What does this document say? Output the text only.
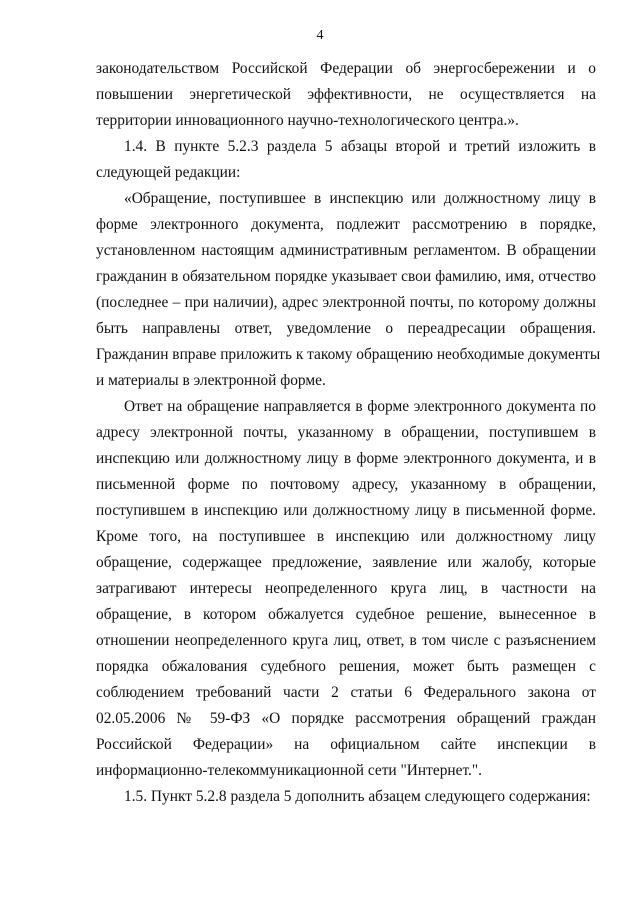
4
законодательством Российской Федерации об энергосбережении и о
повышении энергетической эффективности, не осуществляется на
территории инновационного научно-технологического центра.».
1.4. В пункте 5.2.3 раздела 5 абзацы второй и третий изложить в
следующей редакции:
«Обращение, поступившее в инспекцию или должностному лицу в
форме электронного документа, подлежит рассмотрению в порядке,
установленном настоящим административным регламентом. В обращении
гражданин в обязательном порядке указывает свои фамилию, имя, отчество
(последнее – при наличии), адрес электронной почты, по которому должны
быть направлены ответ, уведомление о переадресации обращения.
Гражданин вправе приложить к такому обращению необходимые документы
и материалы в электронной форме.
Ответ на обращение направляется в форме электронного документа по
адресу электронной почты, указанному в обращении, поступившем в
инспекцию или должностному лицу в форме электронного документа, и в
письменной форме по почтовому адресу, указанному в обращении,
поступившем в инспекцию или должностному лицу в письменной форме.
Кроме того, на поступившее в инспекцию или должностному лицу
обращение, содержащее предложение, заявление или жалобу, которые
затрагивают интересы неопределенного круга лиц, в частности на
обращение, в котором обжалуется судебное решение, вынесенное в
отношении неопределенного круга лиц, ответ, в том числе с разъяснением
порядка обжалования судебного решения, может быть размещен с
соблюдением требований части 2 статьи 6 Федерального закона от
02.05.2006 № 59-ФЗ «О порядке рассмотрения обращений граждан
Российской Федерации» на официальном сайте инспекции в
информационно-телекоммуникационной сети "Интернет.".
1.5. Пункт 5.2.8 раздела 5 дополнить абзацем следующего содержания:
